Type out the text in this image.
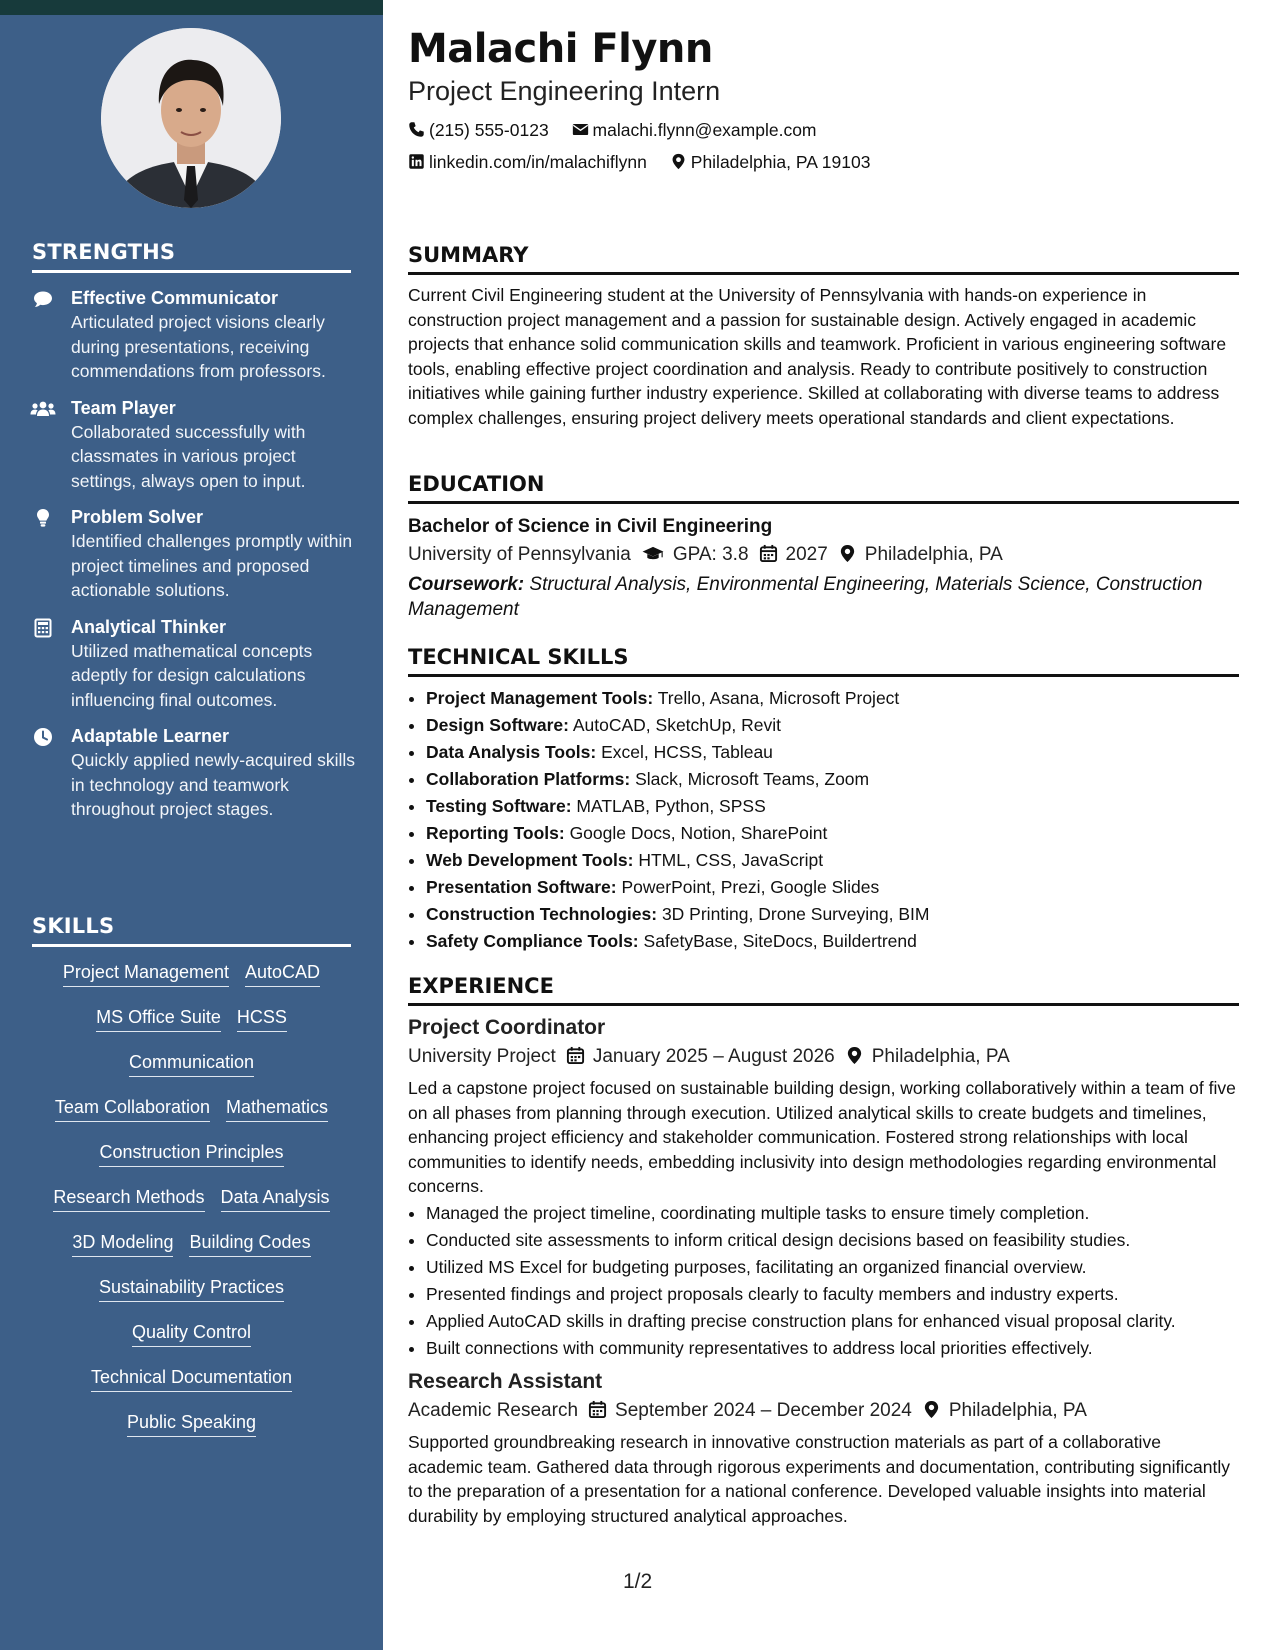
STRENGTHS
Effective Communicator
Articulated project visions clearly during presentations, receiving commendations from professors.
Team Player
Collaborated successfully with classmates in various project settings, always open to input.
Problem Solver
Identified challenges promptly within project timelines and proposed actionable solutions.
Analytical Thinker
Utilized mathematical concepts adeptly for design calculations influencing final outcomes.
Adaptable Learner
Quickly applied newly-acquired skills in technology and teamwork throughout project stages.
SKILLS
Project Management AutoCAD
MS Office Suite HCSS
Communication
Team Collaboration Mathematics
Construction Principles
Research Methods Data Analysis
3D Modeling Building Codes
Sustainability Practices
Quality Control
Technical Documentation
Public Speaking
Malachi Flynn
Project Engineering Intern
(215) 555-0123	malachi.flynn@example.com
linkedin.com/in/malachiflynn	Philadelphia, PA 19103
SUMMARY

Current Civil Engineering student at the University of Pennsylvania with hands-on experience in construction project management and a passion for sustainable design. Actively engaged in academic projects that enhance solid communication skills and teamwork. Proficient in various engineering software tools, enabling effective project coordination and analysis. Ready to contribute positively to construction initiatives while gaining further industry experience. Skilled at collaborating with diverse teams to address complex challenges, ensuring project delivery meets operational standards and client expectations.

EDUCATION
Bachelor of Science in Civil Engineering
University of Pennsylvania GPA: 3.8 2027 Philadelphia, PA
Coursework: Structural Analysis, Environmental Engineering, Materials Science, Construction Management
TECHNICAL SKILLS
• Project Management Tools: Trello, Asana, Microsoft Project
• Design Software: AutoCAD, SketchUp, Revit
• Data Analysis Tools: Excel, HCSS, Tableau
• Collaboration Platforms: Slack, Microsoft Teams, Zoom
• Testing Software: MATLAB, Python, SPSS
• Reporting Tools: Google Docs, Notion, SharePoint
• Web Development Tools: HTML, CSS, JavaScript
• Presentation Software: PowerPoint, Prezi, Google Slides
• Construction Technologies: 3D Printing, Drone Surveying, BIM
• Safety Compliance Tools: SafetyBase, SiteDocs, Buildertrend
EXPERIENCE
Project Coordinator
University Project January 2025 – August 2026 Philadelphia, PA

Led a capstone project focused on sustainable building design, working collaboratively within a team of five on all phases from planning through execution. Utilized analytical skills to create budgets and timelines, enhancing project efficiency and stakeholder communication. Fostered strong relationships with local communities to identify needs, embedding inclusivity into design methodologies regarding environmental concerns.

• Managed the project timeline, coordinating multiple tasks to ensure timely completion.
• Conducted site assessments to inform critical design decisions based on feasibility studies.
• Utilized MS Excel for budgeting purposes, facilitating an organized financial overview.
• Presented findings and project proposals clearly to faculty members and industry experts.
• Applied AutoCAD skills in drafting precise construction plans for enhanced visual proposal clarity.
• Built connections with community representatives to address local priorities effectively.
Research Assistant
Academic Research September 2024 – December 2024 Philadelphia, PA

Supported groundbreaking research in innovative construction materials as part of a collaborative academic team. Gathered data through rigorous experiments and documentation, contributing significantly to the preparation of a presentation for a national conference. Developed valuable insights into material durability by employing structured analytical approaches.

1/2
